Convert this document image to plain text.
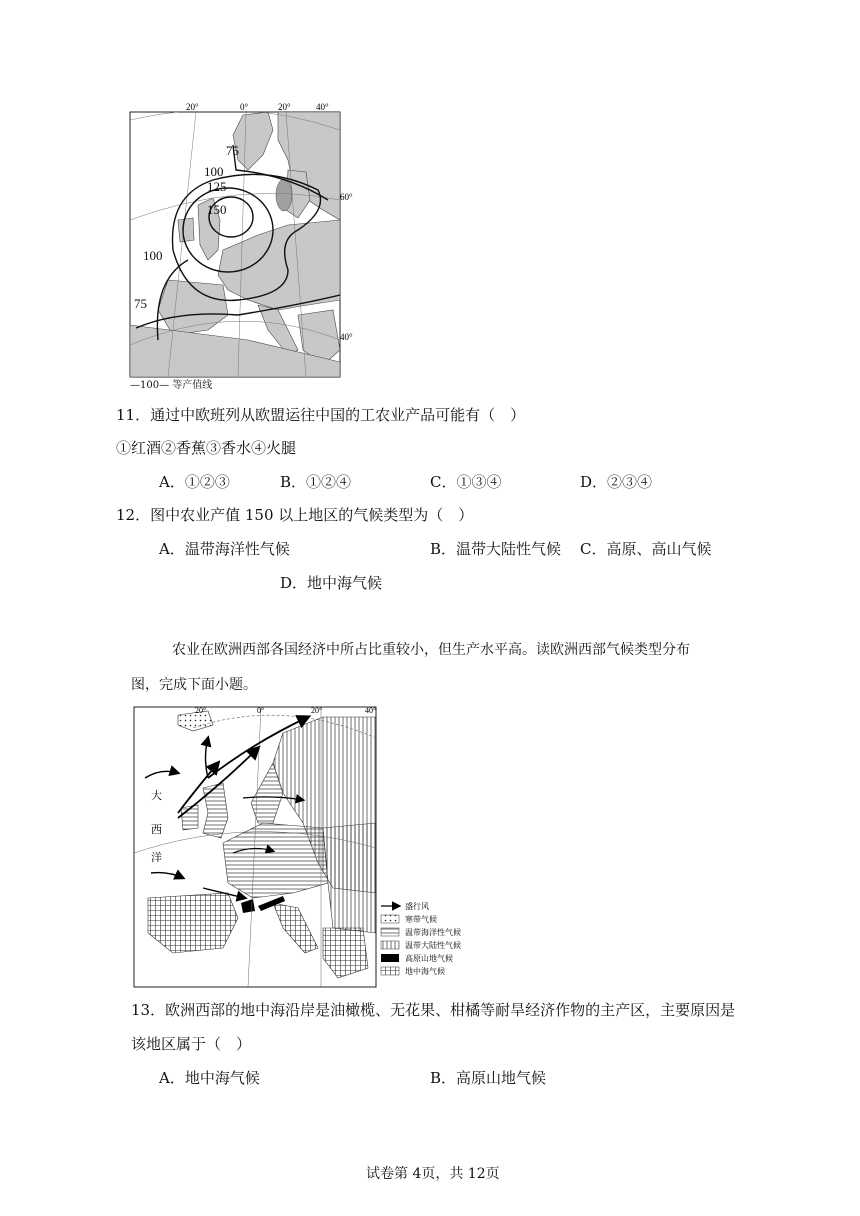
20°	0°	20°	40°
75
100
125
150
100
75
60°
40°
—100— 等产值线
11．通过中欧班列从欧盟运往中国的工农业产品可能有（　）
①红酒②香蕉③香水④火腿
A．①②③	B．①②④	C．①③④	D．②③④
12．图中农业产值 150 以上地区的气候类型为（　）
A．温带海洋性气候	B．温带大陆性气候 C．高原、高山气候
D．地中海气候
农业在欧洲西部各国经济中所占比重较小，但生产水平高。读欧洲西部气候类型分布
图，完成下面小题。
20°	0°	20°	40°
大
西
洋
盛行风
寒带气候
温带海洋性气候
温带大陆性气候
高原山地气候
地中海气候
13．欧洲西部的地中海沿岸是油橄榄、无花果、柑橘等耐旱经济作物的主产区，主要原因是
该地区属于（　）
A．地中海气候	B．高原山地气候
试卷第 4页，共 12页
